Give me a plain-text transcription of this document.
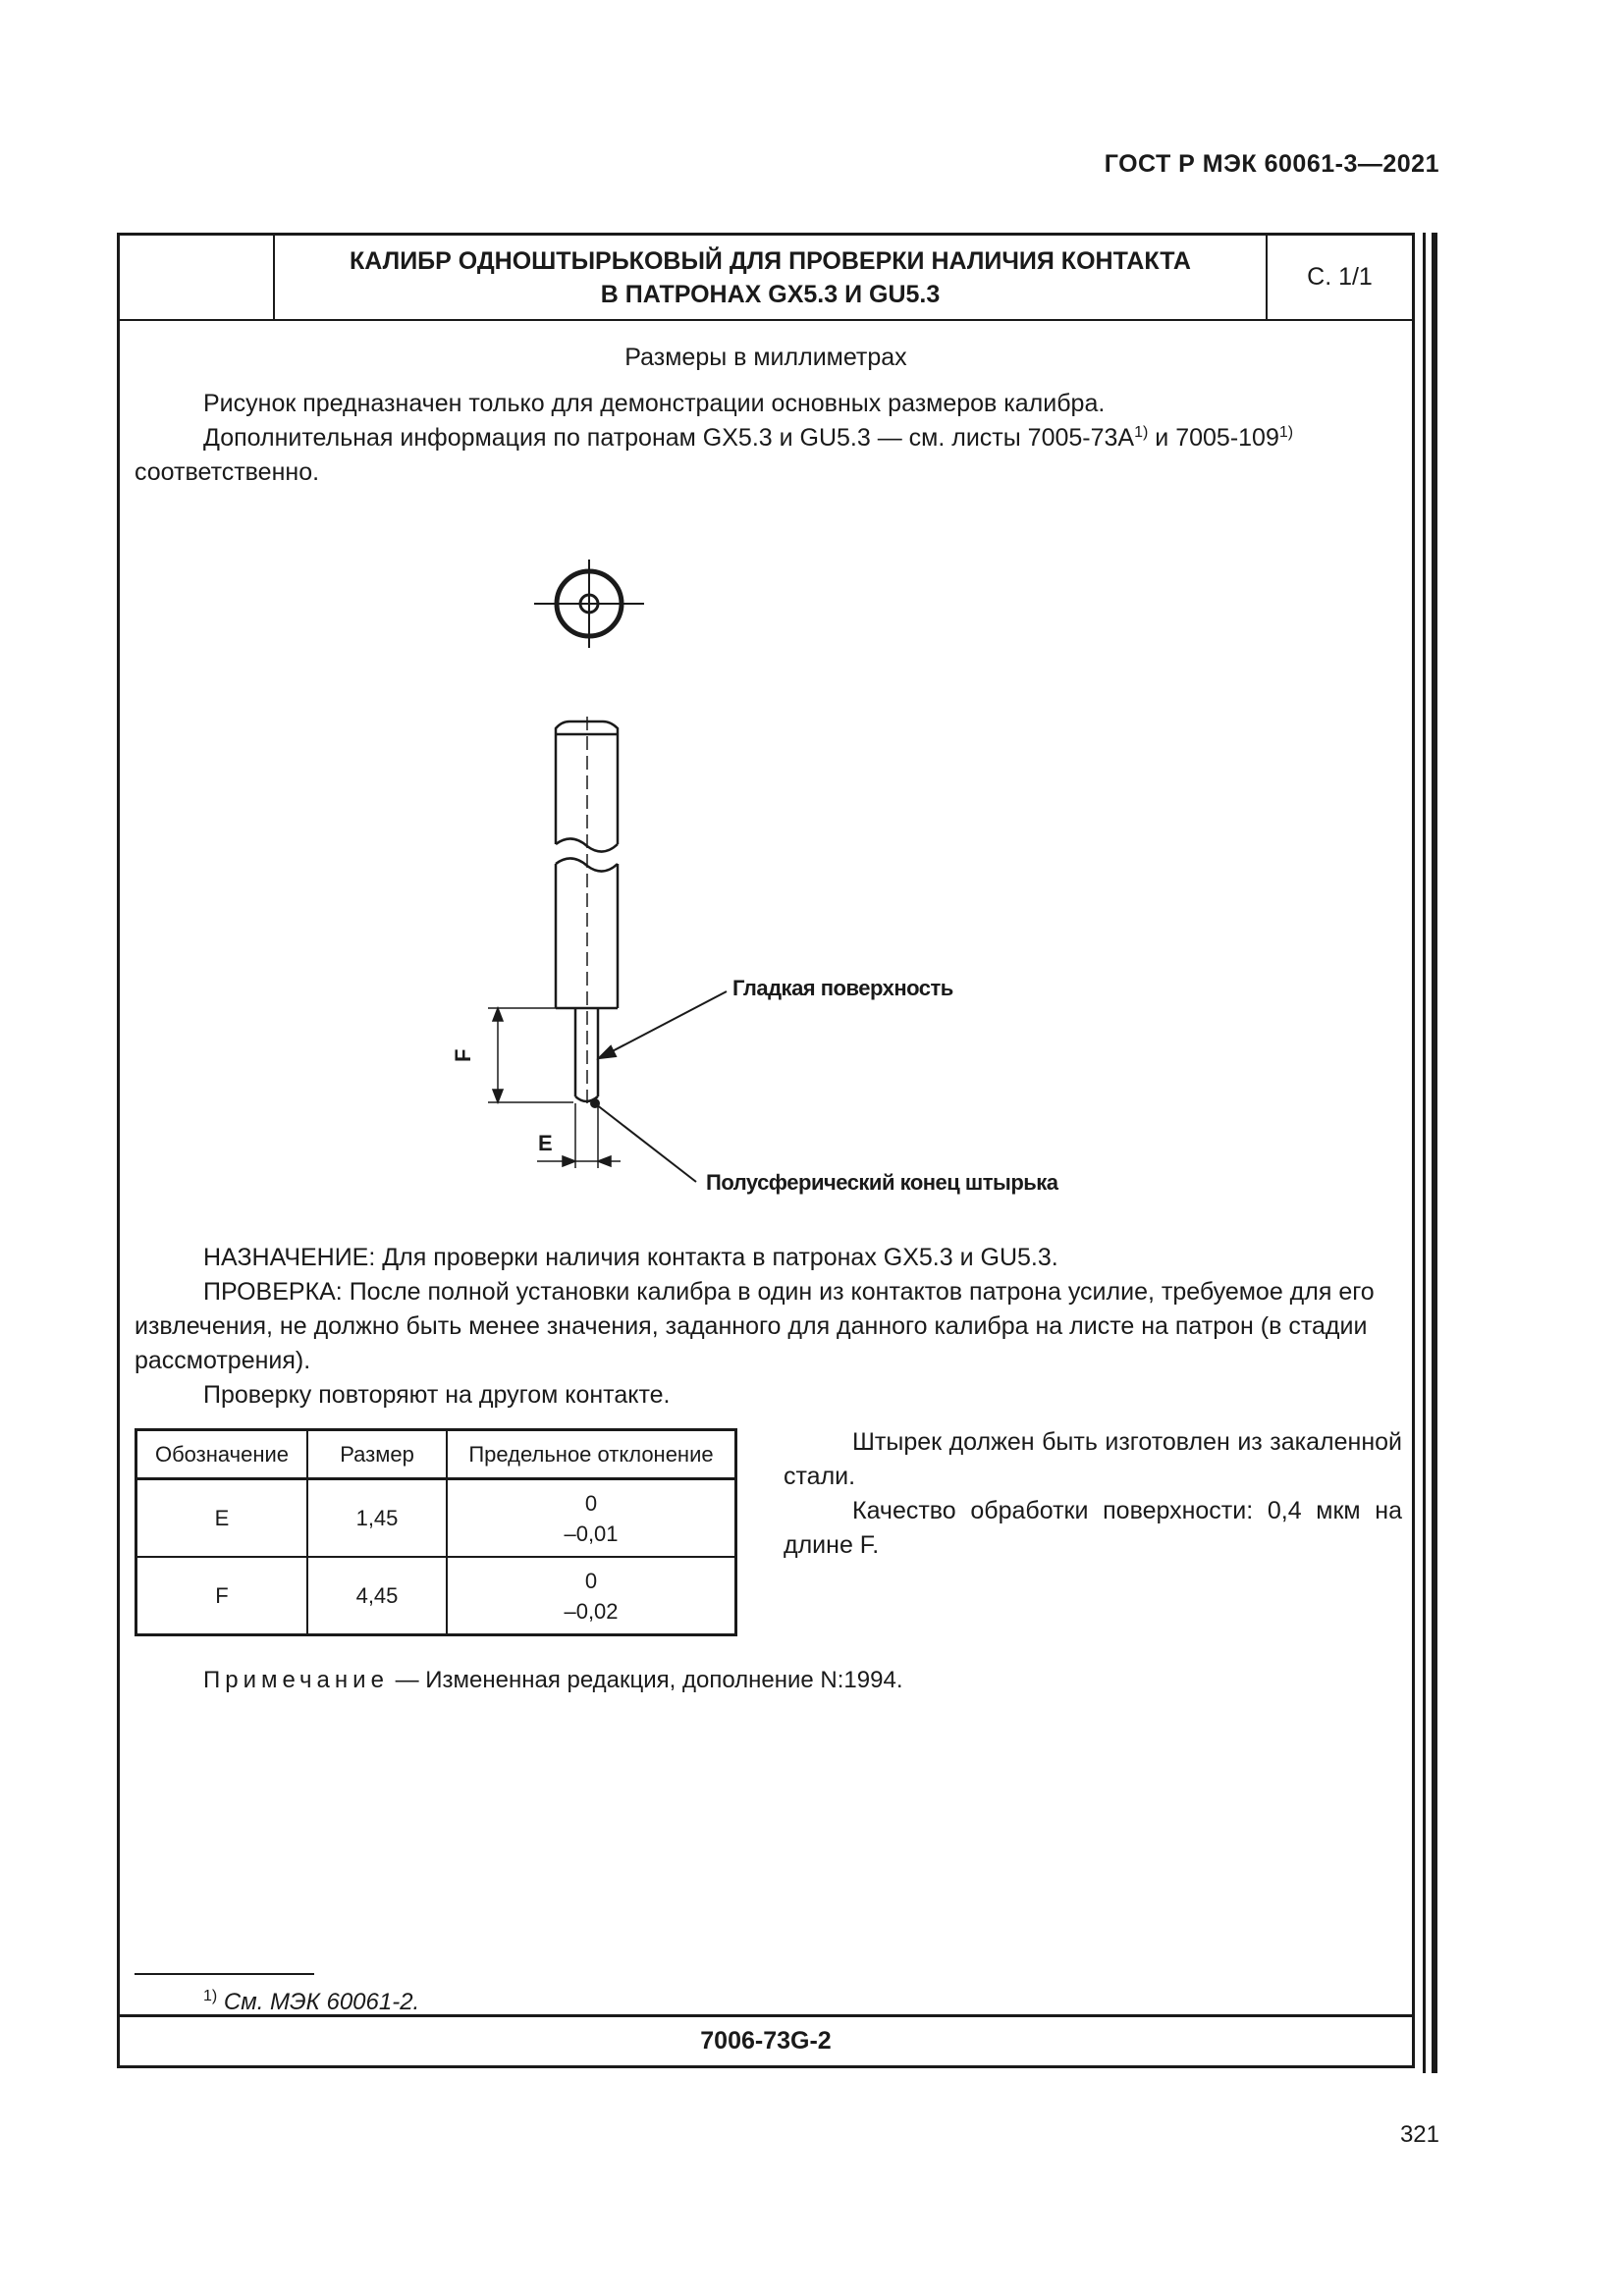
ГОСТ Р МЭК 60061-3—2021
КАЛИБР ОДНОШТЫРЬКОВЫЙ ДЛЯ ПРОВЕРКИ НАЛИЧИЯ КОНТАКТА
В ПАТРОНАХ GX5.3 И GU5.3
С. 1/1
Размеры в миллиметрах
Рисунок предназначен только для демонстрации основных размеров калибра.
Дополнительная информация по патронам GX5.3 и GU5.3 — см. листы $7005-73А^{1)}$ и 7005-109$^{1)}$
соответственно.
F
E
Гладкая поверхность
Полусферический конец штырька
НАЗНАЧЕНИЕ: Для проверки наличия контакта в патронах GX5.3 и GU5.3.
ПРОВЕРКА: После полной установки калибра в один из контактов патрона усилие, требуемое для его извлечения, не должно быть менее значения, заданного для данного калибра на листе на патрон (в стадии рассмотрения).
Проверку повторяют на другом контакте.
Обозначение	Размер	Предельное отклонение
E	1,45	0
–0,01

F	4,45	0
–0,02
Штырек должен быть изготовлен из закаленной стали.
Качество обработки поверхности: 0,4 мкм на длине F.
Примечание — Измененная редакция, дополнение N:1994.
$^{1)}$ См. МЭК 60061-2.
7006-73G-2
321
